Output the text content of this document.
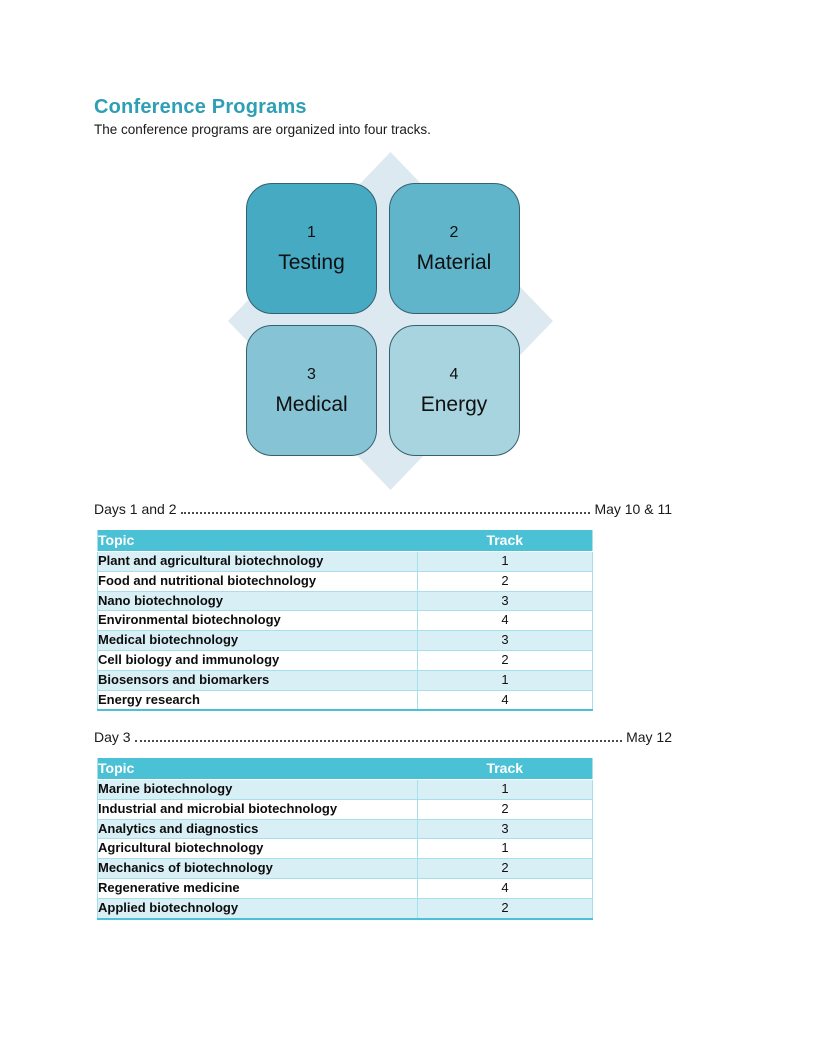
Conference Programs

The conference programs are organized into four tracks.

1
Testing
2
Material
3
Medical
4
Energy
Days 1 and 2	May 10 & 11
Topic	Track
Plant and agricultural biotechnology	1
Food and nutritional biotechnology	2
Nano biotechnology	3
Environmental biotechnology	4
Medical biotechnology	3
Cell biology and immunology	2
Biosensors and biomarkers	1
Energy research	4
Day 3	May 12
Topic	Track
Marine biotechnology	1
Industrial and microbial biotechnology	2
Analytics and diagnostics	3
Agricultural biotechnology	1
Mechanics of biotechnology	2
Regenerative medicine	4
Applied biotechnology	2
